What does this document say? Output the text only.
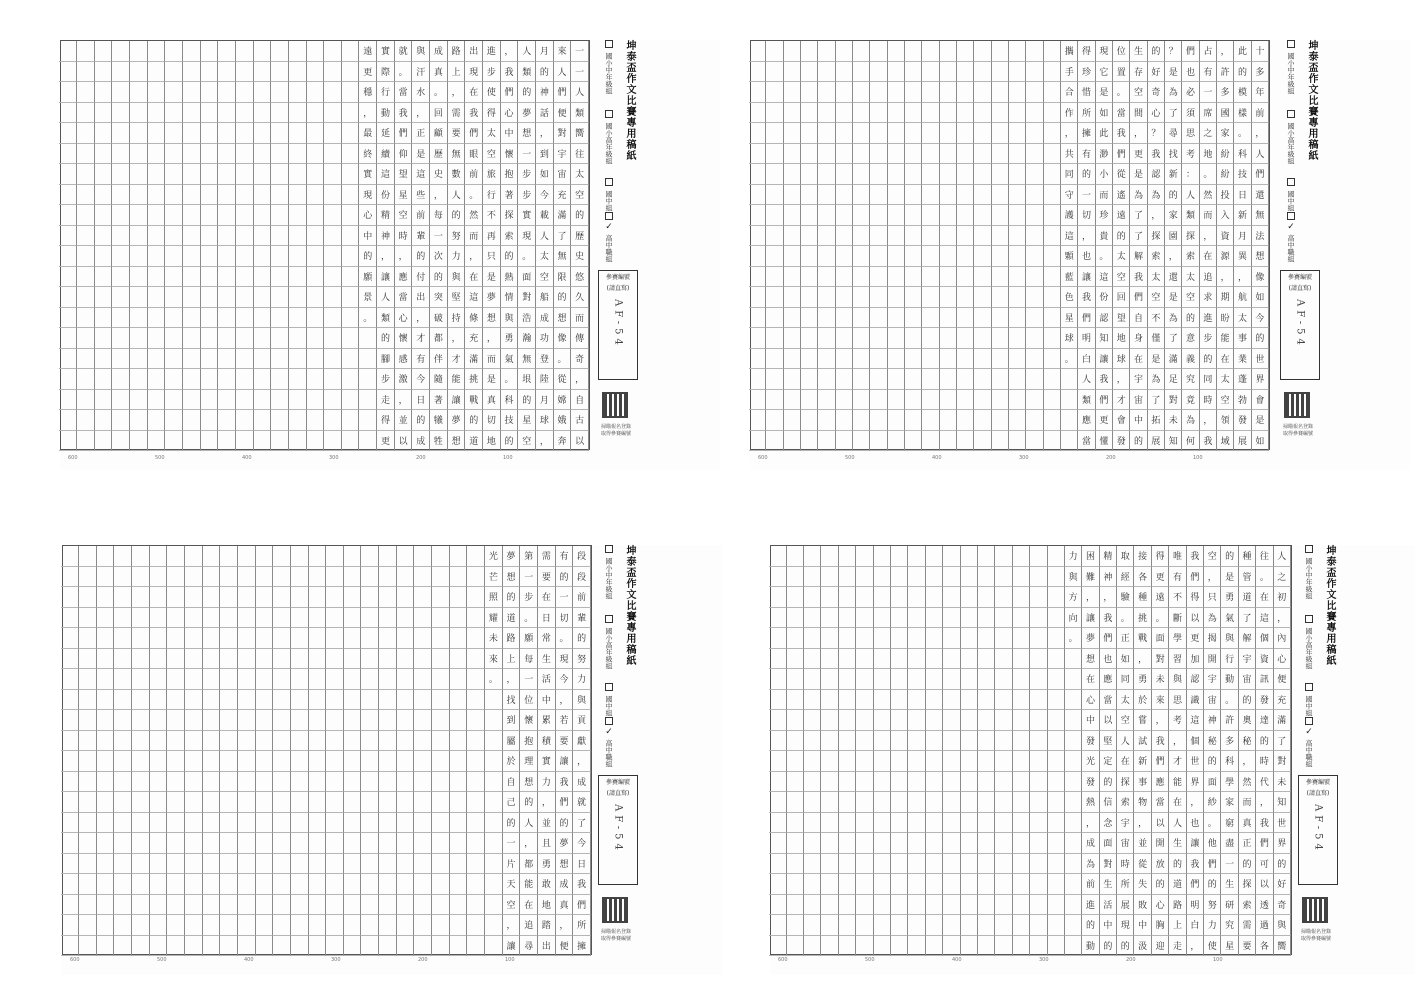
一
一
人
類
嚮
往
太
空
的
歷
史
悠
久
而
傳
奇
，
自
古
以
來
人
們
便
對
宇
宙
充
滿
了
無
限
的
想
像
。
從
嫦
娥
奔
月
的
神
話
，
到
如
今
載
人
太
空
船
成
功
登
陸
月
球
，
人
類
的
夢
想
一
步
步
實
現
。
面
對
浩
瀚
無
垠
的
星
空
，
我
們
心
中
懷
抱
著
探
索
的
熱
情
與
勇
氣
。
科
技
的
進
步
使
得
太
空
旅
行
不
再
只
是
夢
想
，
而
是
真
切
地
出
現
在
我
們
眼
前
。
然
而
，
在
這
條
充
滿
挑
戰
的
道
路
上
，
需
要
無
數
人
的
努
力
與
堅
持
，
才
能
讓
夢
想
成
真
。
回
顧
歷
史
，
每
一
次
的
突
破
都
伴
隨
著
犧
牲
與
汗
水
，
正
是
這
些
前
輩
的
付
出
，
才
有
今
日
的
成
就
。
當
我
們
仰
望
星
空
時
，
應
當
心
懷
感
激
，
並
以
實
際
行
動
延
續
這
份
精
神
，
讓
人
類
的
腳
步
走
得
更
遠
更
穩
，
最
終
實
現
心
中
的
願
景
。
600	500	400	300	200	100
坤泰盃作文比賽專用稿紙
國小中年級組
國小高年級組
國中組
✓ 高中職組
參賽編號
(請直寫)
AF-54
掃瞄報名登錄
取得參賽編號
十
多
年
前
，
人
們
還
無
法
想
像
如
今
的
世
界
會
是
如
此
的
模
樣
。
科
技
日
新
月
異
，
航
太
事
業
蓬
勃
發
展
，
許
多
國
家
紛
紛
投
入
資
源
，
期
盼
能
在
太
空
領
域
占
有
一
席
之
地
。
然
而
，
在
追
求
進
步
的
同
時
，
我
們
也
必
須
思
考
：
人
類
探
索
太
空
的
意
義
究
竟
為
何
？
是
為
了
尋
找
新
的
家
園
，
還
是
為
了
滿
足
對
未
知
的
好
奇
心
？
我
認
為
，
探
索
太
空
不
僅
是
為
了
拓
展
生
存
空
間
，
更
是
為
了
了
解
我
們
自
身
在
宇
宙
中
的
位
置
。
當
我
們
從
遙
遠
的
太
空
回
望
地
球
，
才
會
發
現
它
是
如
此
渺
小
而
珍
貴
。
這
份
認
知
讓
我
們
更
懂
得
珍
惜
所
擁
有
的
一
切
，
也
讓
我
們
明
白
人
類
應
當
攜
手
合
作
，
共
同
守
護
這
顆
藍
色
星
球
。
600	500	400	300	200	100
坤泰盃作文比賽專用稿紙
國小中年級組
國小高年級組
國中組
✓ 高中職組
參賽編號
(請直寫)
AF-54
掃瞄報名登錄
取得參賽編號
人
之
初
，
內
心
便
充
滿
了
對
未
知
世
界
的
好
奇
與
嚮
往
。
在
這
個
資
訊
發
達
的
時
代
，
我
們
可
以
透
過
各
種
管
道
了
解
宇
宙
的
奧
秘
，
然
而
真
正
的
探
索
需
要
的
是
勇
氣
與
行
動
。
許
多
科
學
家
窮
盡
一
生
研
究
星
空
，
只
為
揭
開
宇
宙
神
秘
的
面
紗
。
他
們
的
努
力
使
我
們
得
以
更
加
認
識
這
個
世
界
，
也
讓
我
們
明
白
，
唯
有
不
斷
學
習
與
思
考
，
才
能
在
人
生
的
道
路
上
走
得
更
遠
。
面
對
未
來
，
我
們
應
當
以
開
放
的
心
胸
迎
接
各
種
挑
戰
，
勇
於
嘗
試
新
事
物
，
並
從
失
敗
中
汲
取
經
驗
。
正
如
同
太
空
人
在
探
索
宇
宙
時
所
展
現
的
精
神
，
我
們
也
應
當
以
堅
定
的
信
念
面
對
生
活
中
的
困
難
，
讓
夢
想
在
心
中
發
光
發
熱
，
成
為
前
進
的
動
力
與
方
向
。
600	500	400	300	200	100
坤泰盃作文比賽專用稿紙
國小中年級組
國小高年級組
國中組
✓ 高中職組
參賽編號
(請直寫)
AF-54
掃瞄報名登錄
取得參賽編號
段
段
前
輩
的
努
力
與
貢
獻
，
成
就
了
今
日
我
們
所
擁
有
的
一
切
。
現
今
，
若
要
讓
我
們
的
夢
想
成
真
，
便
需
要
在
日
常
生
活
中
累
積
實
力
，
並
且
勇
敢
地
踏
出
第
一
步
。
願
每
一
位
懷
抱
理
想
的
人
，
都
能
在
追
尋
夢
想
的
道
路
上
，
找
到
屬
於
自
己
的
一
片
天
空
，
讓
光
芒
照
耀
未
來
。
600	500	400	300	200	100
坤泰盃作文比賽專用稿紙
國小中年級組
國小高年級組
國中組
✓ 高中職組
參賽編號
(請直寫)
AF-54
掃瞄報名登錄
取得參賽編號
